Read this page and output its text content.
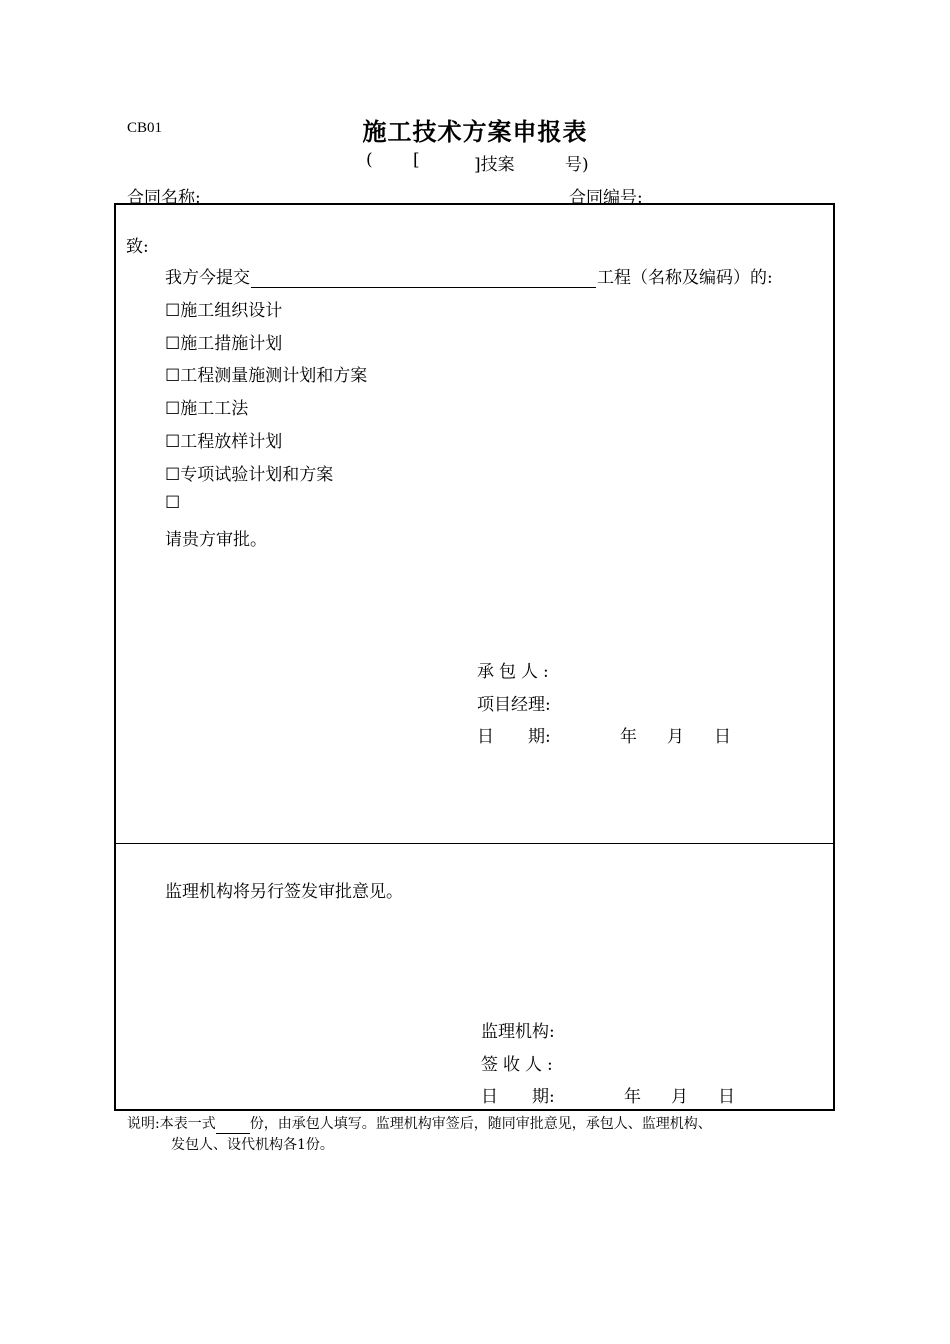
CB01	施工技术方案申报表
( [	]技案	号)
合同名称:	合同编号:
致:
我方今提交	工程（名称及编码）的:
☐施工组织设计
☐施工措施计划
☐工程测量施测计划和方案
☐施工工法
☐工程放样计划
☐专项试验计划和方案
☐
请贵方审批。
承包人:
项目经理:
日　　期:	年 月 日
监理机构将另行签发审批意见。
监理机构:
签收人:
日　　期:	年 月 日
说明:本表一式 份，由承包人填写。监理机构审签后，随同审批意见，承包人、监理机构、
发包人、设代机构各1份。
